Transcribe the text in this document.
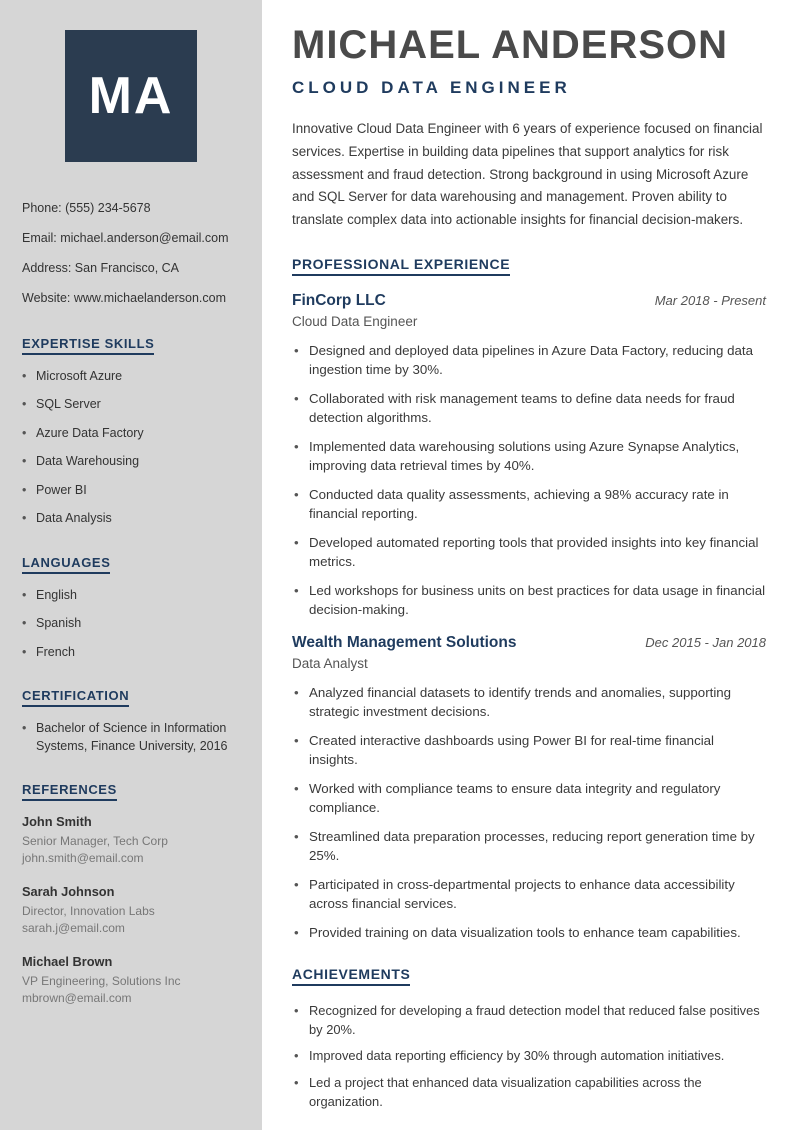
MA
Phone: (555) 234-5678
Email: michael.anderson@email.com
Address: San Francisco, CA
Website: www.michaelanderson.com
EXPERTISE SKILLS
• Microsoft Azure
• SQL Server
• Azure Data Factory
• Data Warehousing
• Power BI
• Data Analysis
LANGUAGES
• English
• Spanish
• French
CERTIFICATION
• Bachelor of Science in Information Systems, Finance University, 2016
REFERENCES
John Smith
Senior Manager, Tech Corp
john.smith@email.com
Sarah Johnson
Director, Innovation Labs
sarah.j@email.com
Michael Brown
VP Engineering, Solutions Inc
mbrown@email.com
MICHAEL ANDERSON
CLOUD DATA ENGINEER

Innovative Cloud Data Engineer with 6 years of experience focused on financial services. Expertise in building data pipelines that support analytics for risk assessment and fraud detection. Strong background in using Microsoft Azure and SQL Server for data warehousing and management. Proven ability to translate complex data into actionable insights for financial decision-makers.

PROFESSIONAL EXPERIENCE
FinCorp LLC	Mar 2018 - Present
Cloud Data Engineer
• Designed and deployed data pipelines in Azure Data Factory, reducing data ingestion time by 30%.
• Collaborated with risk management teams to define data needs for fraud detection algorithms.
• Implemented data warehousing solutions using Azure Synapse Analytics, improving data retrieval times by 40%.
• Conducted data quality assessments, achieving a 98% accuracy rate in financial reporting.
• Developed automated reporting tools that provided insights into key financial metrics.
• Led workshops for business units on best practices for data usage in financial decision-making.
Wealth Management Solutions	Dec 2015 - Jan 2018
Data Analyst
• Analyzed financial datasets to identify trends and anomalies, supporting strategic investment decisions.
• Created interactive dashboards using Power BI for real-time financial insights.
• Worked with compliance teams to ensure data integrity and regulatory compliance.
• Streamlined data preparation processes, reducing report generation time by 25%.
• Participated in cross-departmental projects to enhance data accessibility across financial services.
• Provided training on data visualization tools to enhance team capabilities.
ACHIEVEMENTS
• Recognized for developing a fraud detection model that reduced false positives by 20%.
• Improved data reporting efficiency by 30% through automation initiatives.
• Led a project that enhanced data visualization capabilities across the organization.
